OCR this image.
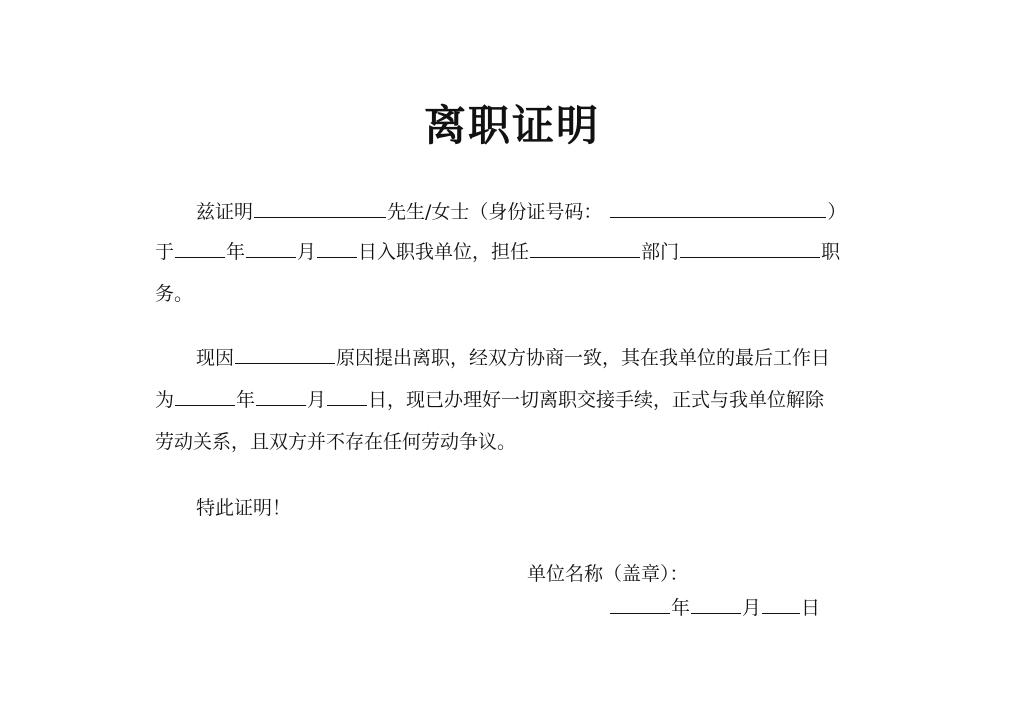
离职证明
兹证明	先生/女士（身份证号码：	）
于	年	月 日入职我单位，担任	部门	职
务。
现因	原因提出离职，经双方协商一致，其在我单位的最后工作日
为	年	月 日，现已办理好一切离职交接手续，正式与我单位解除
劳动关系，且双方并不存在任何劳动争议。
特此证明！
单位名称（盖章）：
年	月 日
